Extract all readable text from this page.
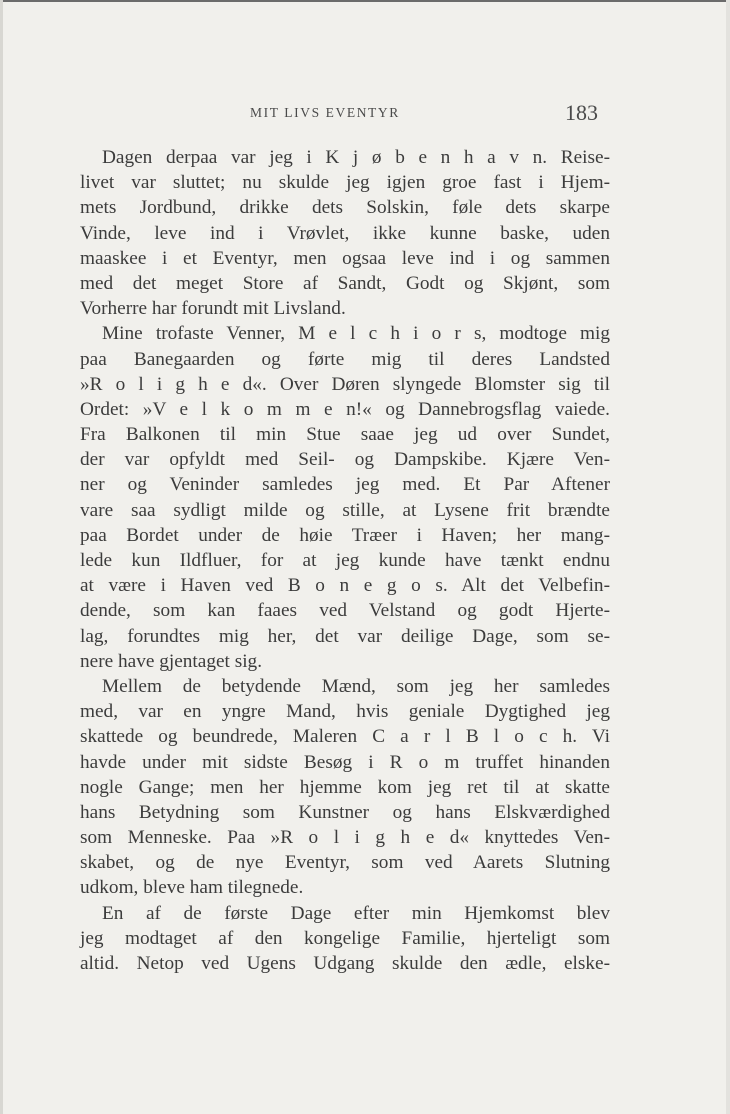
MIT LIVS EVENTYR	183
Dagen derpaa var jeg i K j ø b e n h a v n. Reise-
livet var sluttet; nu skulde jeg igjen groe fast i Hjem-
mets Jordbund, drikke dets Solskin, føle dets skarpe
Vinde, leve ind i Vrøvlet, ikke kunne baske, uden
maaskee i et Eventyr, men ogsaa leve ind i og sammen
med det meget Store af Sandt, Godt og Skjønt, som
Vorherre har forundt mit Livsland.
Mine trofaste Venner, M e l c h i o r s, modtoge mig
paa Banegaarden og førte mig til deres Landsted
»R o l i g h e d«. Over Døren slyngede Blomster sig til
Ordet: »V e l k o m m e n!« og Dannebrogsflag vaiede.
Fra Balkonen til min Stue saae jeg ud over Sundet,
der var opfyldt med Seil- og Dampskibe. Kjære Ven-
ner og Veninder samledes jeg med. Et Par Aftener
vare saa sydligt milde og stille, at Lysene frit brændte
paa Bordet under de høie Træer i Haven; her mang-
lede kun Ildfluer, for at jeg kunde have tænkt endnu
at være i Haven ved B o n e g o s. Alt det Velbefin-
dende, som kan faaes ved Velstand og godt Hjerte-
lag, forundtes mig her, det var deilige Dage, som se-
nere have gjentaget sig.
Mellem de betydende Mænd, som jeg her samledes
med, var en yngre Mand, hvis geniale Dygtighed jeg
skattede og beundrede, Maleren C a r l B l o c h. Vi
havde under mit sidste Besøg i R o m truffet hinanden
nogle Gange; men her hjemme kom jeg ret til at skatte
hans Betydning som Kunstner og hans Elskværdighed
som Menneske. Paa »R o l i g h e d« knyttedes Ven-
skabet, og de nye Eventyr, som ved Aarets Slutning
udkom, bleve ham tilegnede.
En af de første Dage efter min Hjemkomst blev
jeg modtaget af den kongelige Familie, hjerteligt som
altid. Netop ved Ugens Udgang skulde den ædle, elske-
